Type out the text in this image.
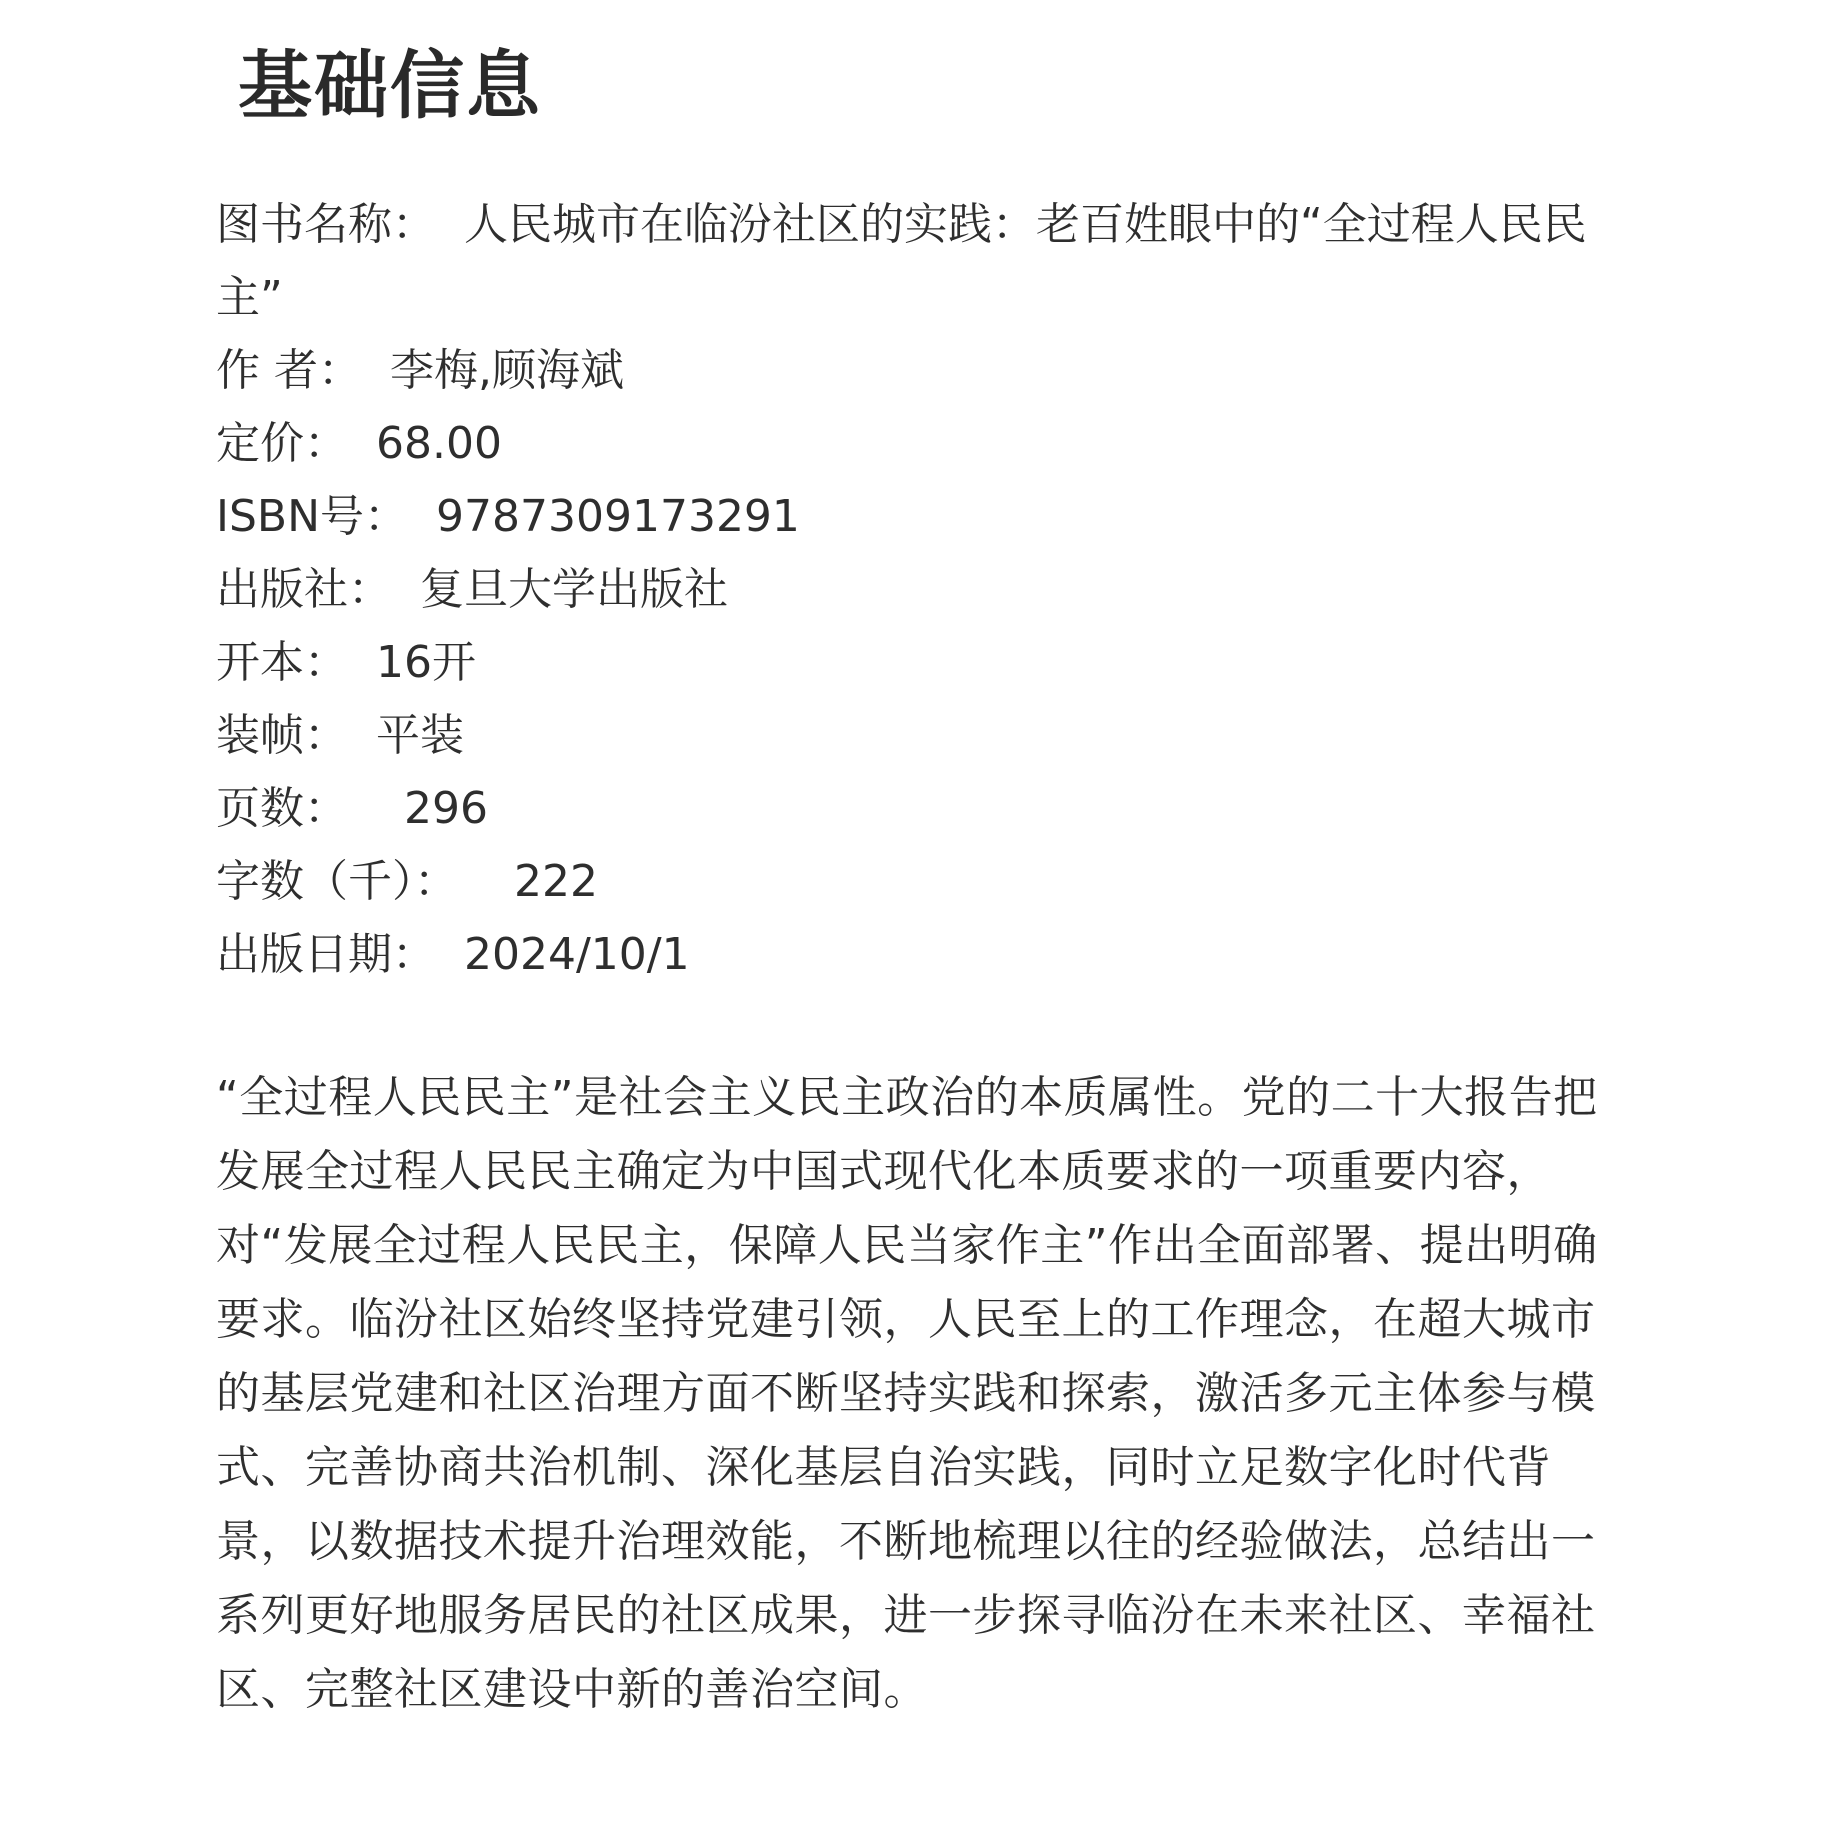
基础信息
图书名称： 人民城市在临汾社区的实践：老百姓眼中的“全过程人民民主”
作 者： 李梅,顾海斌
定价： 68.00
ISBN号： 9787309173291
出版社： 复旦大学出版社
开本： 16开
装帧： 平装
页数： 296
字数（千）： 222
出版日期： 2024/10/1
“全过程人民民主”是社会主义民主政治的本质属性。党的二十大报告把发展全过程人民民主确定为中国式现代化本质要求的一项重要内容，对“发展全过程人民民主，保障人民当家作主”作出全面部署、提出明确要求。临汾社区始终坚持党建引领，人民至上的工作理念，在超大城市的基层党建和社区治理方面不断坚持实践和探索，激活多元主体参与模式、完善协商共治机制、深化基层自治实践，同时立足数字化时代背景，以数据技术提升治理效能，不断地梳理以往的经验做法，总结出一系列更好地服务居民的社区成果，进一步探寻临汾在未来社区、幸福社区、完整社区建设中新的善治空间。
